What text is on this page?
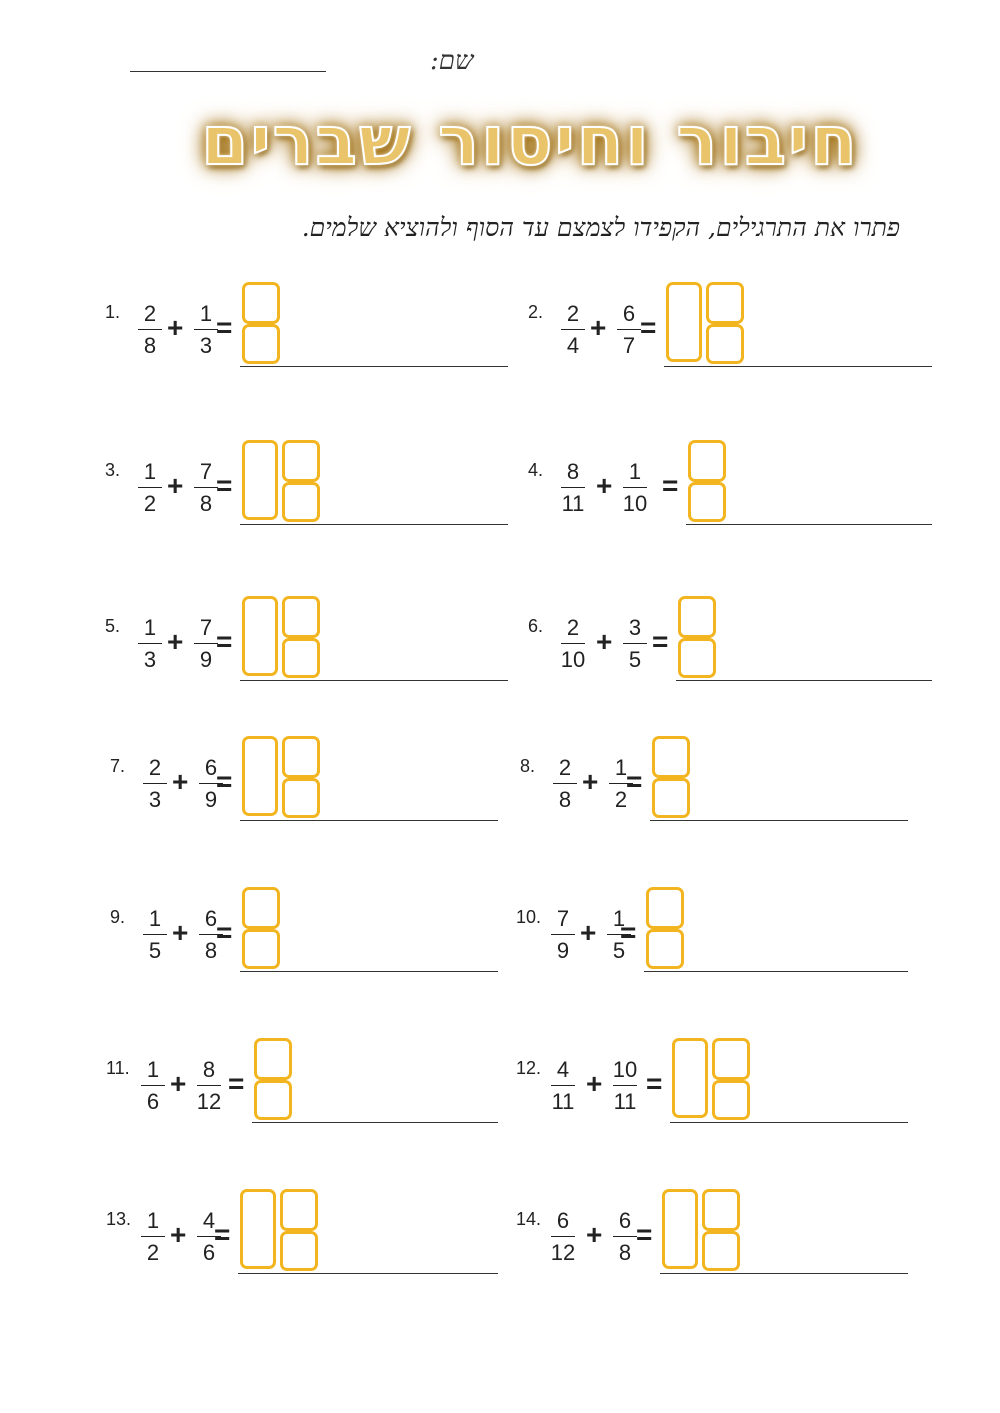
שם:
חיבור וחיסור שברים
פתרו את התרגילים, הקפידו לצמצם עד הסוף ולהוציא שלמים.
1.	2
8
+ 1
3
=	2.	2
4
+ 6
7
=
3.	1
2
+ 7
8
=	4.	8
11
+ 1
10
=
5.	1
3
+ 7
9
=	6.	2
10
+ 3
5
=
7.	2
3
+ 6
9
=	8.	2
8
+ 1
2
=
9.	1
5
+ 6
8
=	10. 7
9
+ 1
5
=
11. 1
6
+ 8
12
=	12. 4
11
+ 10
11
=
13. 1
2
+ 4
6
=	14. 6
12
+ 6
8
=
